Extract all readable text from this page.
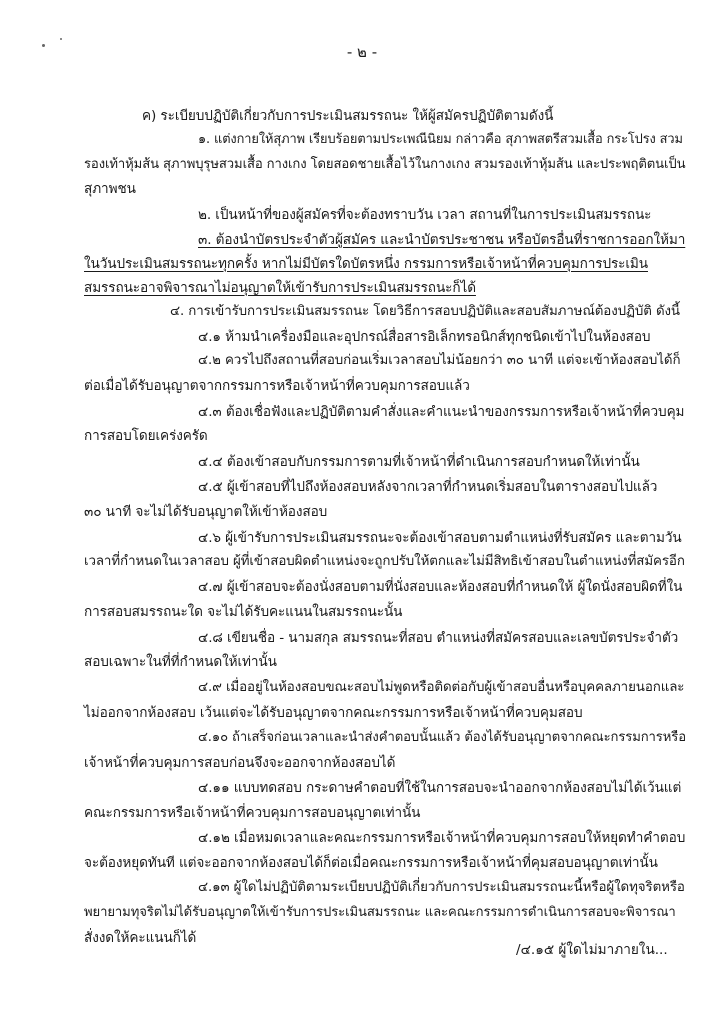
- ๒ -
ค) ระเบียบปฏิบัติเกี่ยวกับการประเมินสมรรถนะ ให้ผู้สมัครปฏิบัติตามดังนี้
๑. แต่งกายให้สุภาพ เรียบร้อยตามประเพณีนิยม กล่าวคือ สุภาพสตรีสวมเสื้อ กระโปรง สวม
รองเท้าหุ้มส้น สุภาพบุรุษสวมเสื้อ กางเกง โดยสอดชายเสื้อไว้ในกางเกง สวมรองเท้าหุ้มส้น และประพฤติตนเป็น
สุภาพชน
๒. เป็นหน้าที่ของผู้สมัครที่จะต้องทราบวัน เวลา สถานที่ในการประเมินสมรรถนะ
๓. ต้องนำบัตรประจำตัวผู้สมัคร และนำบัตรประชาชน หรือบัตรอื่นที่ราชการออกให้มา
ในวันประเมินสมรรถนะทุกครั้ง หากไม่มีบัตรใดบัตรหนึ่ง กรรมการหรือเจ้าหน้าที่ควบคุมการประเมิน
สมรรถนะอาจพิจารณาไม่อนุญาตให้เข้ารับการประเมินสมรรถนะก็ได้
๔. การเข้ารับการประเมินสมรรถนะ โดยวิธีการสอบปฏิบัติและสอบสัมภาษณ์ต้องปฏิบัติ ดังนี้
๔.๑ ห้ามนำเครื่องมือและอุปกรณ์สื่อสารอิเล็กทรอนิกส์ทุกชนิดเข้าไปในห้องสอบ
๔.๒ ควรไปถึงสถานที่สอบก่อนเริ่มเวลาสอบไม่น้อยกว่า ๓๐ นาที แต่จะเข้าห้องสอบได้ก็
ต่อเมื่อได้รับอนุญาตจากกรรมการหรือเจ้าหน้าที่ควบคุมการสอบแล้ว
๔.๓ ต้องเชื่อฟังและปฏิบัติตามคำสั่งและคำแนะนำของกรรมการหรือเจ้าหน้าที่ควบคุม
การสอบโดยเคร่งครัด
๔.๔ ต้องเข้าสอบกับกรรมการตามที่เจ้าหน้าที่ดำเนินการสอบกำหนดให้เท่านั้น
๔.๕ ผู้เข้าสอบที่ไปถึงห้องสอบหลังจากเวลาที่กำหนดเริ่มสอบในตารางสอบไปแล้ว
๓๐ นาที จะไม่ได้รับอนุญาตให้เข้าห้องสอบ
๔.๖ ผู้เข้ารับการประเมินสมรรถนะจะต้องเข้าสอบตามตำแหน่งที่รับสมัคร และตามวัน
เวลาที่กำหนดในเวลาสอบ ผู้ที่เข้าสอบผิดตำแหน่งจะถูกปรับให้ตกและไม่มีสิทธิเข้าสอบในตำแหน่งที่สมัครอีก
๔.๗ ผู้เข้าสอบจะต้องนั่งสอบตามที่นั่งสอบและห้องสอบที่กำหนดให้ ผู้ใดนั่งสอบผิดที่ใน
การสอบสมรรถนะใด จะไม่ได้รับคะแนนในสมรรถนะนั้น
๔.๘ เขียนชื่อ - นามสกุล สมรรถนะที่สอบ ตำแหน่งที่สมัครสอบและเลขบัตรประจำตัว
สอบเฉพาะในที่ที่กำหนดให้เท่านั้น
๔.๙ เมื่ออยู่ในห้องสอบขณะสอบไม่พูดหรือติดต่อกับผู้เข้าสอบอื่นหรือบุคคลภายนอกและ
ไม่ออกจากห้องสอบ เว้นแต่จะได้รับอนุญาตจากคณะกรรมการหรือเจ้าหน้าที่ควบคุมสอบ
๔.๑๐ ถ้าเสร็จก่อนเวลาและนำส่งคำตอบนั้นแล้ว ต้องได้รับอนุญาตจากคณะกรรมการหรือ
เจ้าหน้าที่ควบคุมการสอบก่อนจึงจะออกจากห้องสอบได้
๔.๑๑ แบบทดสอบ กระดาษคำตอบที่ใช้ในการสอบจะนำออกจากห้องสอบไม่ได้เว้นแต่
คณะกรรมการหรือเจ้าหน้าที่ควบคุมการสอบอนุญาตเท่านั้น
๔.๑๒ เมื่อหมดเวลาและคณะกรรมการหรือเจ้าหน้าที่ควบคุมการสอบให้หยุดทำคำตอบ
จะต้องหยุดทันที แต่จะออกจากห้องสอบได้ก็ต่อเมื่อคณะกรรมการหรือเจ้าหน้าที่คุมสอบอนุญาตเท่านั้น
๔.๑๓ ผู้ใดไม่ปฏิบัติตามระเบียบปฏิบัติเกี่ยวกับการประเมินสมรรถนะนี้หรือผู้ใดทุจริตหรือ
พยายามทุจริตไม่ได้รับอนุญาตให้เข้ารับการประเมินสมรรถนะ และคณะกรรมการดำเนินการสอบจะพิจารณา
สั่งงดให้คะแนนก็ได้
/๔.๑๕ ผู้ใดไม่มาภายใน...
